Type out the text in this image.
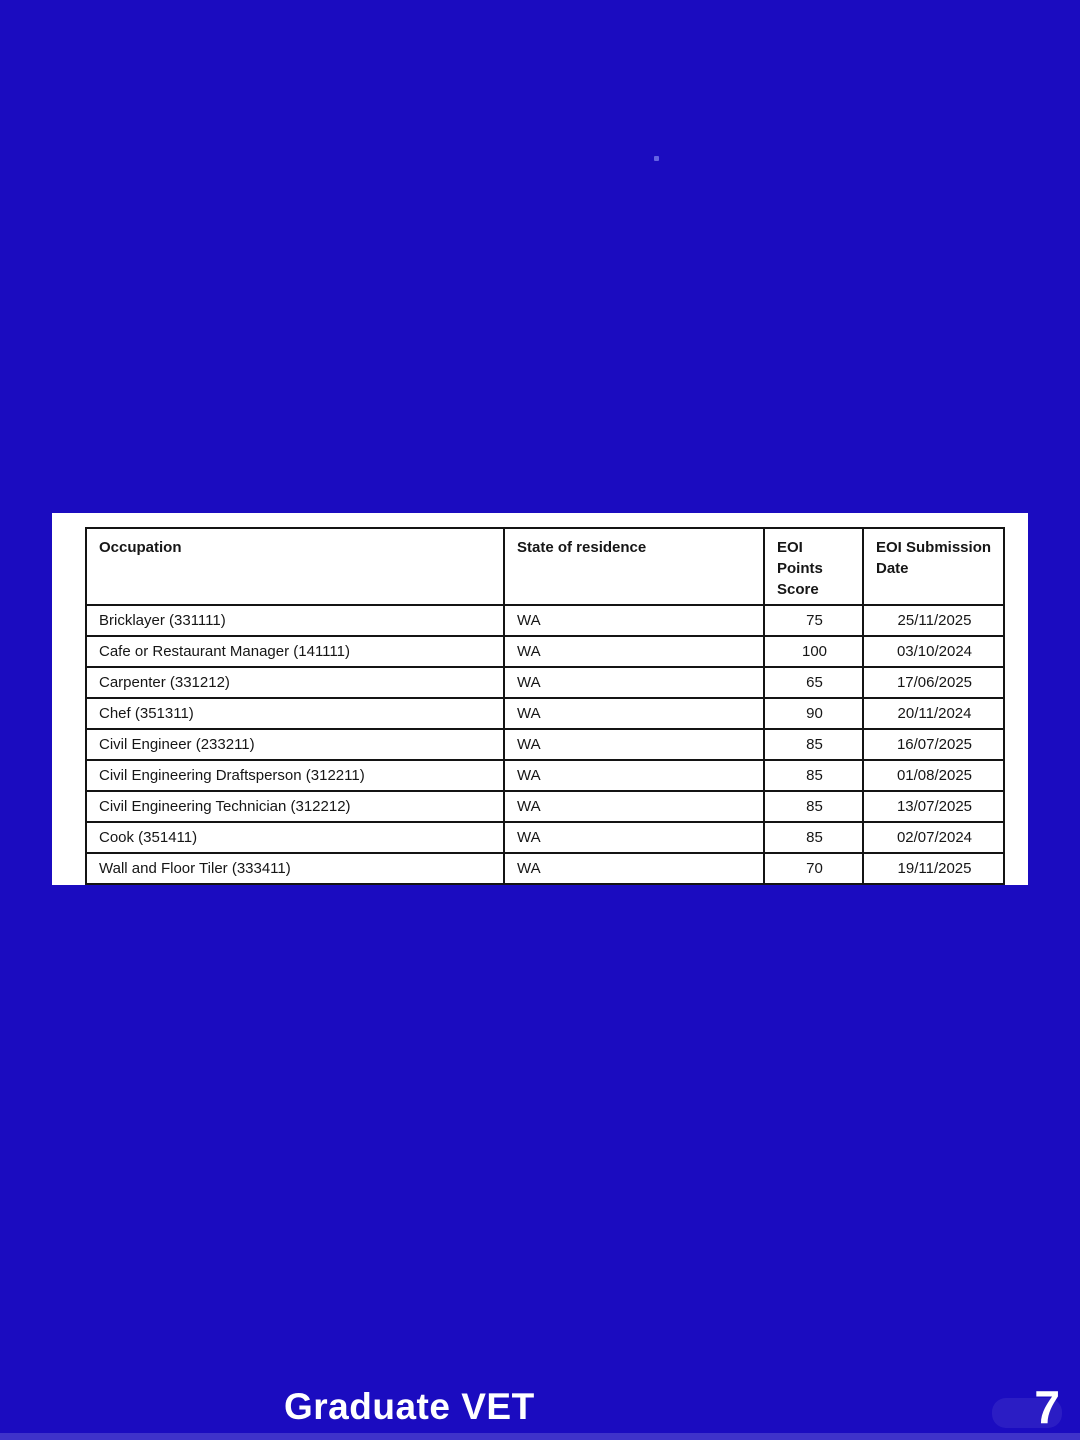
Occupation	State of residence	EOI Points Score	EOI Submission Date
Bricklayer (331111)	WA	75	25/11/2025
Cafe or Restaurant Manager (141111)	WA	100	03/10/2024
Carpenter (331212)	WA	65	17/06/2025
Chef (351311)	WA	90	20/11/2024
Civil Engineer (233211)	WA	85	16/07/2025
Civil Engineering Draftsperson (312211)	WA	85	01/08/2025
Civil Engineering Technician (312212)	WA	85	13/07/2025
Cook (351411)	WA	85	02/07/2024
Wall and Floor Tiler (333411)	WA	70	19/11/2025
Graduate VET	7
